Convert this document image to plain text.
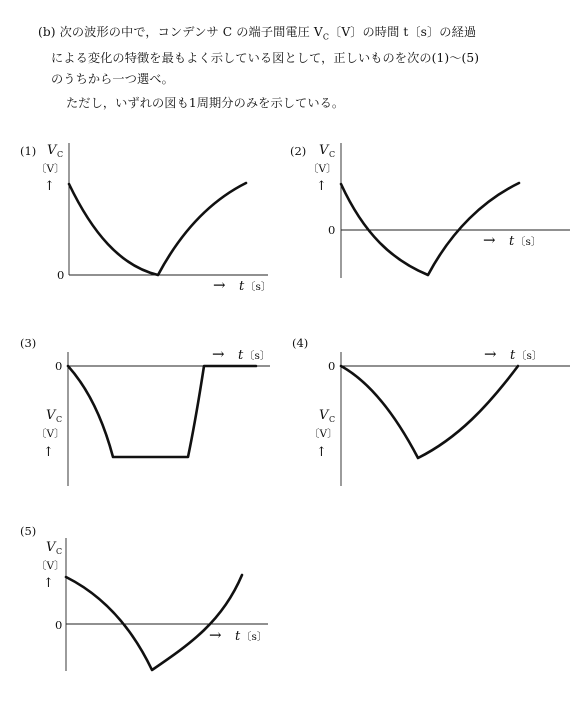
(b) 次の波形の中で，コンデンサ C の端子間電圧 $V_C$〔V〕の時間 t〔s〕の経過

による変化の特徴を最もよく示している図として，正しいものを次の(1)～(5)

のうちから一つ選べ。

ただし，いずれの図も1周期分のみを示している。

(1) V C
〔V〕
↑
0
→ t 〔s〕
(2) V C
〔V〕
↑
0
→ t 〔s〕
(3)
0
V C
〔V〕
↑
→ t 〔s〕
(4)
0
V C
〔V〕
↑
→ t 〔s〕
(5)
V C
〔V〕
↑
0
→ t 〔s〕
